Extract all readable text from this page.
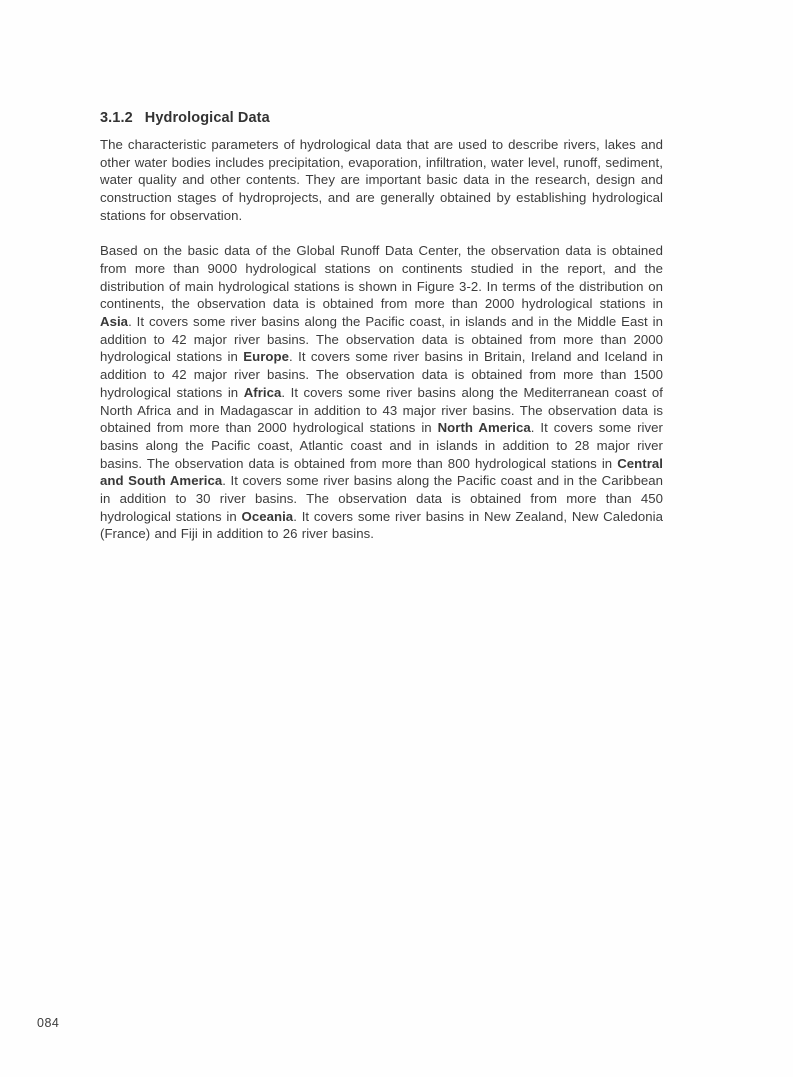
3.1.2 Hydrological Data

The characteristic parameters of hydrological data that are used to describe rivers, lakes and other water bodies includes precipitation, evaporation, infiltration, water level, runoff, sediment, water quality and other contents. They are important basic data in the research, design and construction stages of hydroprojects, and are generally obtained by establishing hydrological stations for observation.

Based on the basic data of the Global Runoff Data Center, the observation data is obtained from more than 9000 hydrological stations on continents studied in the report, and the distribution of main hydrological stations is shown in Figure 3-2. In terms of the distribution on continents, the observation data is obtained from more than 2000 hydrological stations in Asia. It covers some river basins along the Pacific coast, in islands and in the Middle East in addition to 42 major river basins. The observation data is obtained from more than 2000 hydrological stations in Europe. It covers some river basins in Britain, Ireland and Iceland in addition to 42 major river basins. The observation data is obtained from more than 1500 hydrological stations in Africa. It covers some river basins along the Mediterranean coast of North Africa and in Madagascar in addition to 43 major river basins. The observation data is obtained from more than 2000 hydrological stations in North America. It covers some river basins along the Pacific coast, Atlantic coast and in islands in addition to 28 major river basins. The observation data is obtained from more than 800 hydrological stations in Central and South America. It covers some river basins along the Pacific coast and in the Caribbean in addition to 30 river basins. The observation data is obtained from more than 450 hydrological stations in Oceania. It covers some river basins in New Zealand, New Caledonia (France) and Fiji in addition to 26 river basins.

084
